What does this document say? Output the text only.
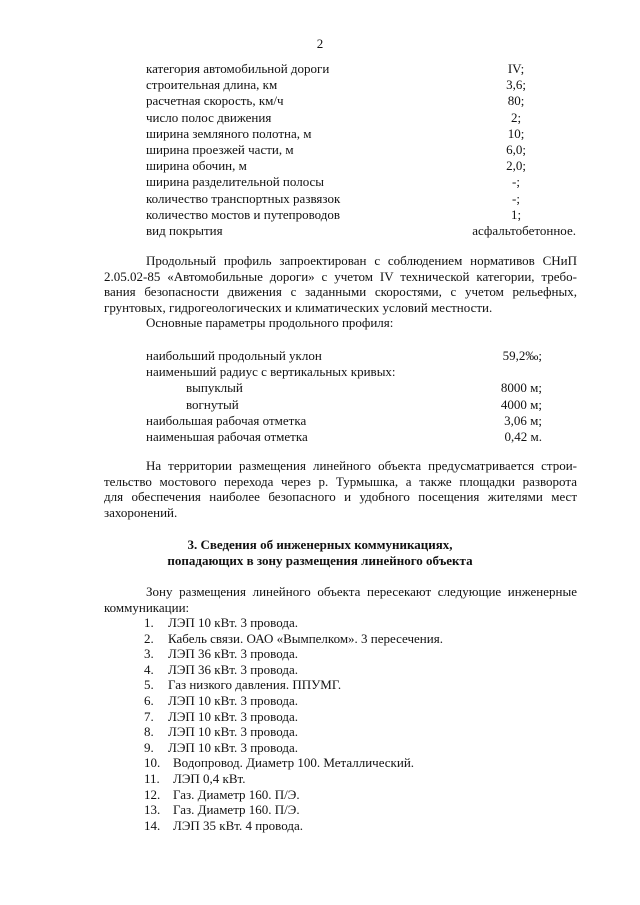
2
категория автомобильной дороги	IV;
строительная длина, км	3,6;
расчетная скорость, км/ч	80;
число полос движения	2;
ширина земляного полотна, м	10;
ширина проезжей части, м	6,0;
ширина обочин, м	2,0;
ширина разделительной полосы	-;
количество транспортных развязок	-;
количество мостов и путепроводов	1;
вид покрытия	асфальтобетонное.
Продольный профиль запроектирован с соблюдением нормативов СНиП
2.05.02-85 «Автомобильные дороги» с учетом IV технической категории, требо-
вания безопасности движения с заданными скоростями, с учетом рельефных,
грунтовых, гидрогеологических и климатических условий местности.
Основные параметры продольного профиля:
наибольший продольный уклон	59,2‰;
наименьший радиус с вертикальных кривых:
выпуклый	8000 м;
вогнутый	4000 м;
наибольшая рабочая отметка	3,06 м;
наименьшая рабочая отметка	0,42 м.
На территории размещения линейного объекта предусматривается строи-
тельство мостового перехода через р. Турмышка, а также площадки разворота
для обеспечения наиболее безопасного и удобного посещения жителями мест
захоронений.
3. Сведения об инженерных коммуникациях,
попадающих в зону размещения линейного объекта
Зону размещения линейного объекта пересекают следующие инженерные
коммуникации:
1. ЛЭП 10 кВт. 3 провода.
2. Кабель связи. ОАО «Вымпелком». 3 пересечения.
3. ЛЭП 36 кВт. 3 провода.
4. ЛЭП 36 кВт. 3 провода.
5. Газ низкого давления. ППУМГ.
6. ЛЭП 10 кВт. 3 провода.
7. ЛЭП 10 кВт. 3 провода.
8. ЛЭП 10 кВт. 3 провода.
9. ЛЭП 10 кВт. 3 провода.
10. Водопровод. Диаметр 100. Металлический.
11. ЛЭП 0,4 кВт.
12. Газ. Диаметр 160. П/Э.
13. Газ. Диаметр 160. П/Э.
14. ЛЭП 35 кВт. 4 провода.
